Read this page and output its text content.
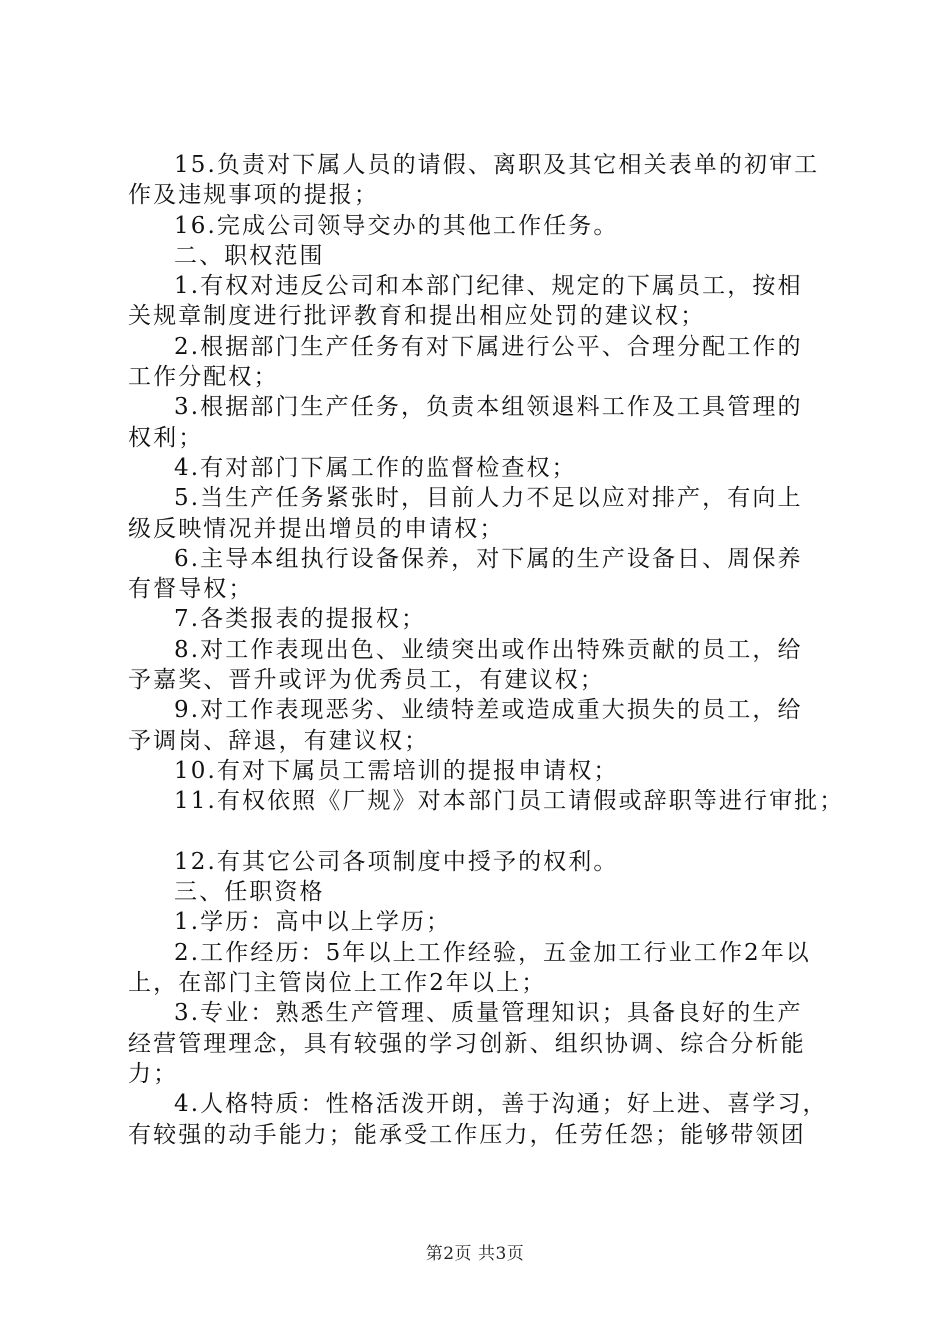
15.负责对下属人员的请假、离职及其它相关表单的初审工
作及违规事项的提报；
16.完成公司领导交办的其他工作任务。
二、职权范围
1.有权对违反公司和本部门纪律、规定的下属员工，按相
关规章制度进行批评教育和提出相应处罚的建议权；
2.根据部门生产任务有对下属进行公平、合理分配工作的
工作分配权；
3.根据部门生产任务，负责本组领退料工作及工具管理的
权利；
4.有对部门下属工作的监督检查权；
5.当生产任务紧张时，目前人力不足以应对排产，有向上
级反映情况并提出增员的申请权；
6.主导本组执行设备保养，对下属的生产设备日、周保养
有督导权；
7.各类报表的提报权；
8.对工作表现出色、业绩突出或作出特殊贡献的员工，给
予嘉奖、晋升或评为优秀员工，有建议权；
9.对工作表现恶劣、业绩特差或造成重大损失的员工，给
予调岗、辞退，有建议权；
10.有对下属员工需培训的提报申请权；
11.有权依照《厂规》对本部门员工请假或辞职等进行审批；
12.有其它公司各项制度中授予的权利。
三、任职资格
1.学历：高中以上学历；
2.工作经历：5年以上工作经验，五金加工行业工作2年以
上，在部门主管岗位上工作2年以上；
3.专业：熟悉生产管理、质量管理知识；具备良好的生产
经营管理理念，具有较强的学习创新、组织协调、综合分析能
力；
4.人格特质：性格活泼开朗，善于沟通；好上进、喜学习，
有较强的动手能力；能承受工作压力，任劳任怨；能够带领团
第2页 共3页
